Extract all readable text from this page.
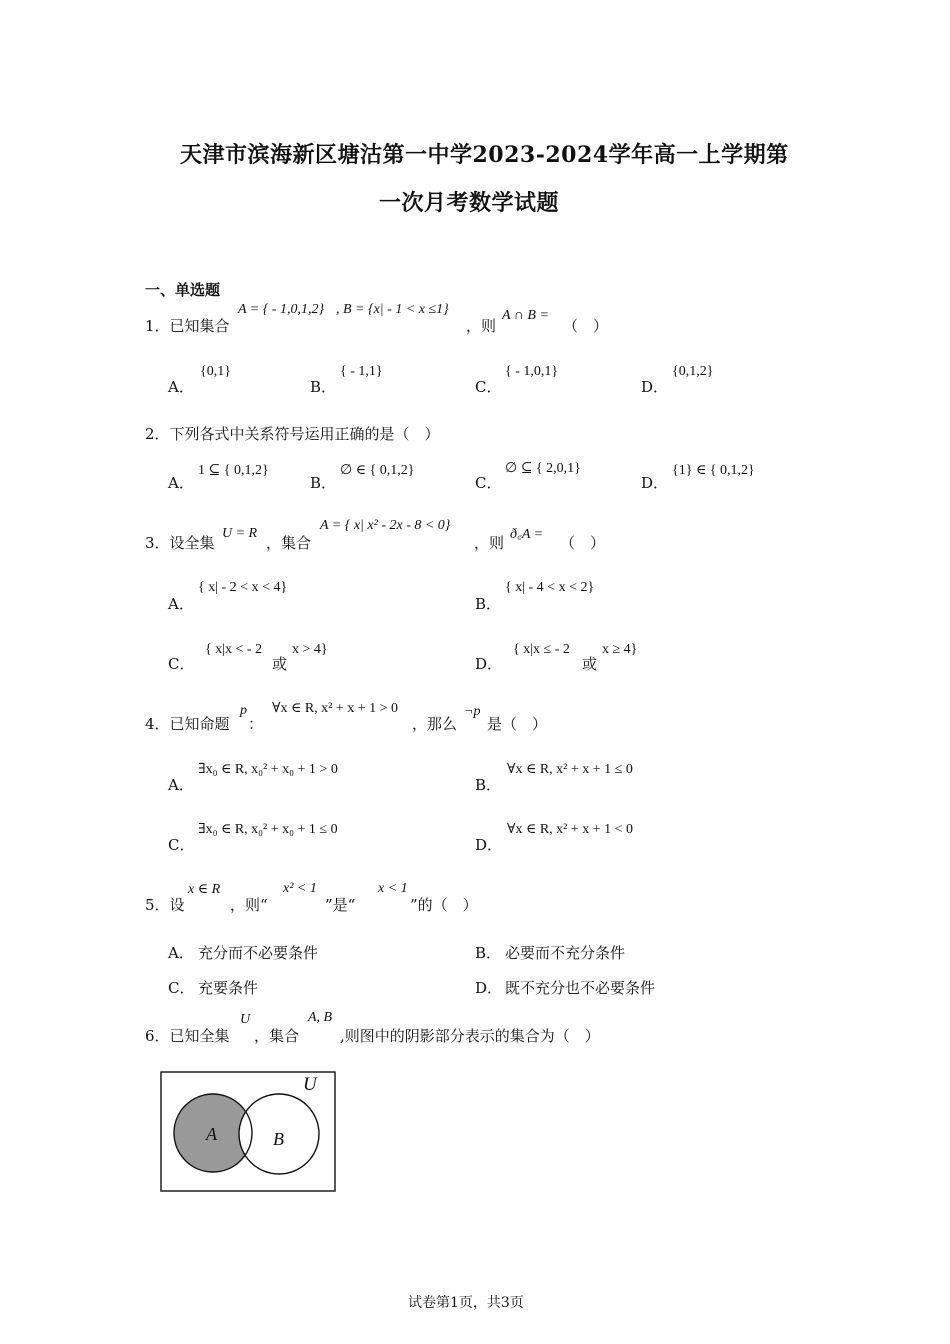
天津市滨海新区塘沽第一中学2023-2024学年高一上学期第
一次月考数学试题
一、单选题
1．已知集合
A = { - 1,0,1,2} , B = {x| - 1 < x ≤1}
，则
A ∩ B =
（　）
A．
{0,1}
B．
{ - 1,1}
C．
{ - 1,0,1}
D．
{0,1,2}
2．下列各式中关系符号运用正确的是（　）
A．
1 ⊆ { 0,1,2}
B．
∅ ∈ { 0,1,2}
C．
∅ ⊆ { 2,0,1}
D．
{1} ∈ { 0,1,2}
3．设全集
U = R
，集合
A = { x| x² - 2x - 8 < 0}
，则 ð꜀A = （　）
A．
{ x| - 2 < x < 4}
B．
{ x| - 4 < x < 2}
C．
{ x|x < - 2
或
x > 4}
D．
{ x|x ≤ - 2
或
x ≥ 4}
4．已知命题
p
：
∀x ∈ R, x² + x + 1 > 0
，那么
¬p
是（　）
A．
∃x₀ ∈ R, x₀² + x₀ + 1 > 0
B．
∀x ∈ R, x² + x + 1 ≤ 0
C．
∃x₀ ∈ R, x₀² + x₀ + 1 ≤ 0
D．
∀x ∈ R, x² + x + 1 < 0
5．设
x ∈ R
，则“
x² < 1
”是“
x < 1
”的（　）
A． 充分而不必要条件	B． 必要而不充分条件
C． 充要条件	D． 既不充分也不必要条件
6．已知全集
U
，集合
A, B
,则图中的阴影部分表示的集合为（　）
U
A	B
试卷第1页，共3页
